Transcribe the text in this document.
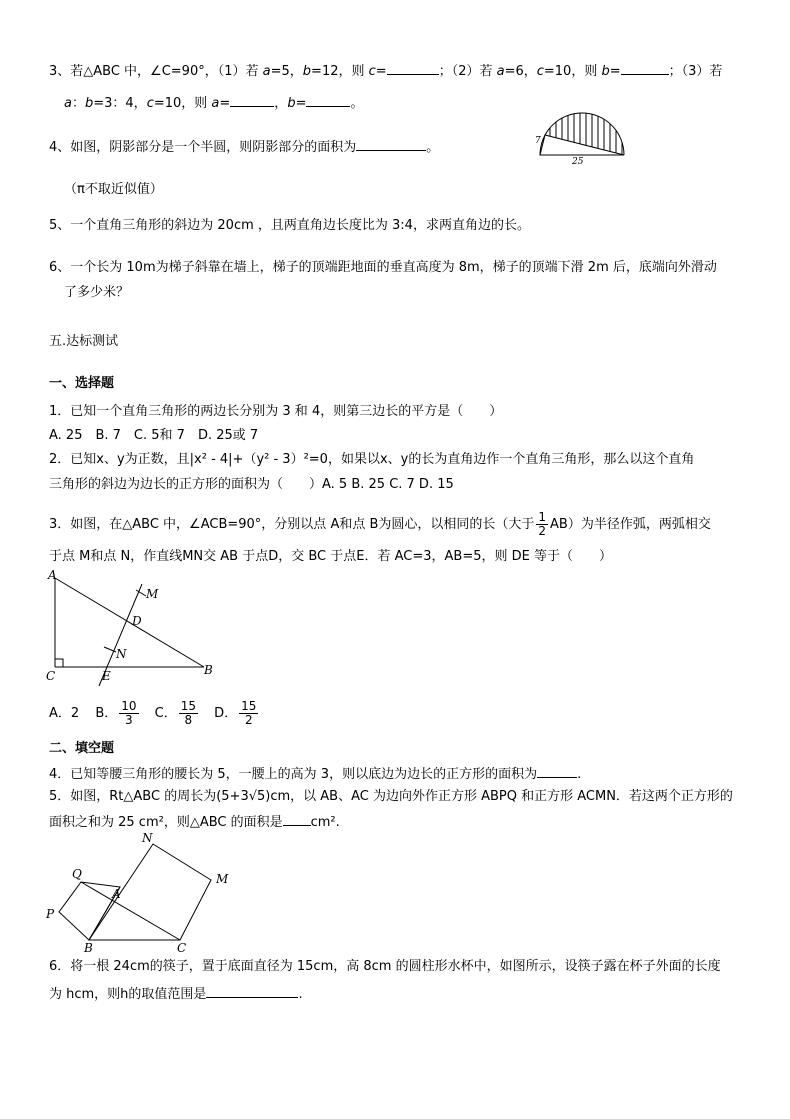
3、若△ABC 中，∠C=90°，（1）若 a=5，b=12，则 c=	；（2）若 a=6，c=10，则 b=	；（3）若
a：b=3：4，c=10，则 a=	，b=	。
4、如图，阴影部分是一个半圆，则阴影部分的面积为	。	7
25
（π不取近似值）
5、一个直角三角形的斜边为 20cm ，且两直角边长度比为 3:4，求两直角边的长。
6、一个长为 10m为梯子斜靠在墙上，梯子的顶端距地面的垂直高度为 8m，梯子的顶端下滑 2m 后，底端向外滑动
了多少米？
五.达标测试
一、选择题
1．已知一个直角三角形的两边长分别为 3 和 4，则第三边长的平方是（　　）
A. 25　B. 7　C. 5和 7　D. 25或 7
2．已知x、y为正数，且|x² - 4|+（y² - 3）²=0，如果以x、y的长为直角边作一个直角三角形，那么以这个直角
三角形的斜边为边长的正方形的面积为（　　）A. 5 B. 25 C. 7 D. 15
3．如图，在△ABC 中，∠ACB=90°，分别以点 A和点 B为圆心，以相同的长（大于 $\frac{1}{2} AB$）为半径作弧，两弧相交
于点 M和点 N，作直线MN交 AB 于点D，交 BC 于点E．若 AC=3，AB=5，则 DE 等于（　　）
A
M
D
N
C	E	B
A．2 B． $\frac{10}{3}$ C． $\frac{15}{8}$ D． $\frac{15}{2}$
二、填空题
4．已知等腰三角形的腰长为 5，一腰上的高为 3，则以底边为边长的正方形的面积为	.
5．如图，Rt△ABC 的周长为(5+3√5)cm，以 AB、AC 为边向外作正方形 ABPQ 和正方形 ACMN．若这两个正方形的
面积之和为 25 cm²，则△ABC 的面积是 cm².
N
M
Q
A
P
B	C
6．将一根 24cm的筷子，置于底面直径为 15cm，高 8cm 的圆柱形水杯中，如图所示，设筷子露在杯子外面的长度
为 hcm，则h的取值范围是	.
